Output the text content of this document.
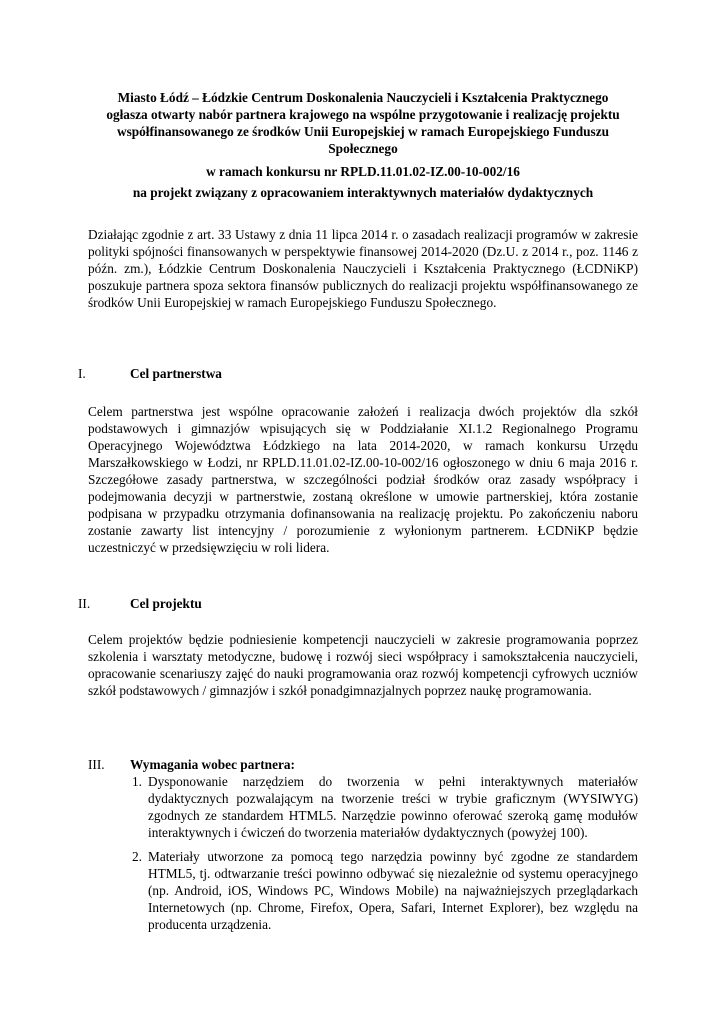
Miasto Łódź – Łódzkie Centrum Doskonalenia Nauczycieli i Kształcenia Praktycznego
ogłasza otwarty nabór partnera krajowego na wspólne przygotowanie i realizację projektu współfinansowanego ze środków Unii Europejskiej w ramach Europejskiego Funduszu Społecznego
w ramach konkursu nr RPLD.11.01.02-IZ.00-10-002/16
na projekt związany z opracowaniem interaktywnych materiałów dydaktycznych
Działając zgodnie z art. 33 Ustawy z dnia 11 lipca 2014 r. o zasadach realizacji programów w zakresie polityki spójności finansowanych w perspektywie finansowej 2014-2020 (Dz.U. z 2014 r., poz. 1146 z późn. zm.), Łódzkie Centrum Doskonalenia Nauczycieli i Kształcenia Praktycznego (ŁCDNiKP) poszukuje partnera spoza sektora finansów publicznych do realizacji projektu współfinansowanego ze środków Unii Europejskiej w ramach Europejskiego Funduszu Społecznego.
I.	Cel partnerstwa
Celem partnerstwa jest wspólne opracowanie założeń i realizacja dwóch projektów dla szkół podstawowych i gimnazjów wpisujących się w Poddziałanie XI.1.2 Regionalnego Programu Operacyjnego Województwa Łódzkiego na lata 2014-2020, w ramach konkursu Urzędu Marszałkowskiego w Łodzi, nr RPLD.11.01.02-IZ.00-10-002/16 ogłoszonego w dniu 6 maja 2016 r. Szczegółowe zasady partnerstwa, w szczególności podział środków oraz zasady współpracy i podejmowania decyzji w partnerstwie, zostaną określone w umowie partnerskiej, która zostanie podpisana w przypadku otrzymania dofinansowania na realizację projektu. Po zakończeniu naboru zostanie zawarty list intencyjny / porozumienie z wyłonionym partnerem. ŁCDNiKP będzie uczestniczyć w przedsięwzięciu w roli lidera.
II.	Cel projektu
Celem projektów będzie podniesienie kompetencji nauczycieli w zakresie programowania poprzez szkolenia i warsztaty metodyczne, budowę i rozwój sieci współpracy i samokształcenia nauczycieli, opracowanie scenariuszy zajęć do nauki programowania oraz rozwój kompetencji cyfrowych uczniów szkół podstawowych / gimnazjów i szkół ponadgimnazjalnych poprzez naukę programowania.
III. Wymagania wobec partnera:
1. Dysponowanie narzędziem do tworzenia w pełni interaktywnych materiałów dydaktycznych pozwalającym na tworzenie treści w trybie graficznym (WYSIWYG) zgodnych ze standardem HTML5. Narzędzie powinno oferować szeroką gamę modułów interaktywnych i ćwiczeń do tworzenia materiałów dydaktycznych (powyżej 100).
2. Materiały utworzone za pomocą tego narzędzia powinny być zgodne ze standardem HTML5, tj. odtwarzanie treści powinno odbywać się niezależnie od systemu operacyjnego (np. Android, iOS, Windows PC, Windows Mobile) na najważniejszych przeglądarkach Internetowych (np. Chrome, Firefox, Opera, Safari, Internet Explorer), bez względu na producenta urządzenia.
